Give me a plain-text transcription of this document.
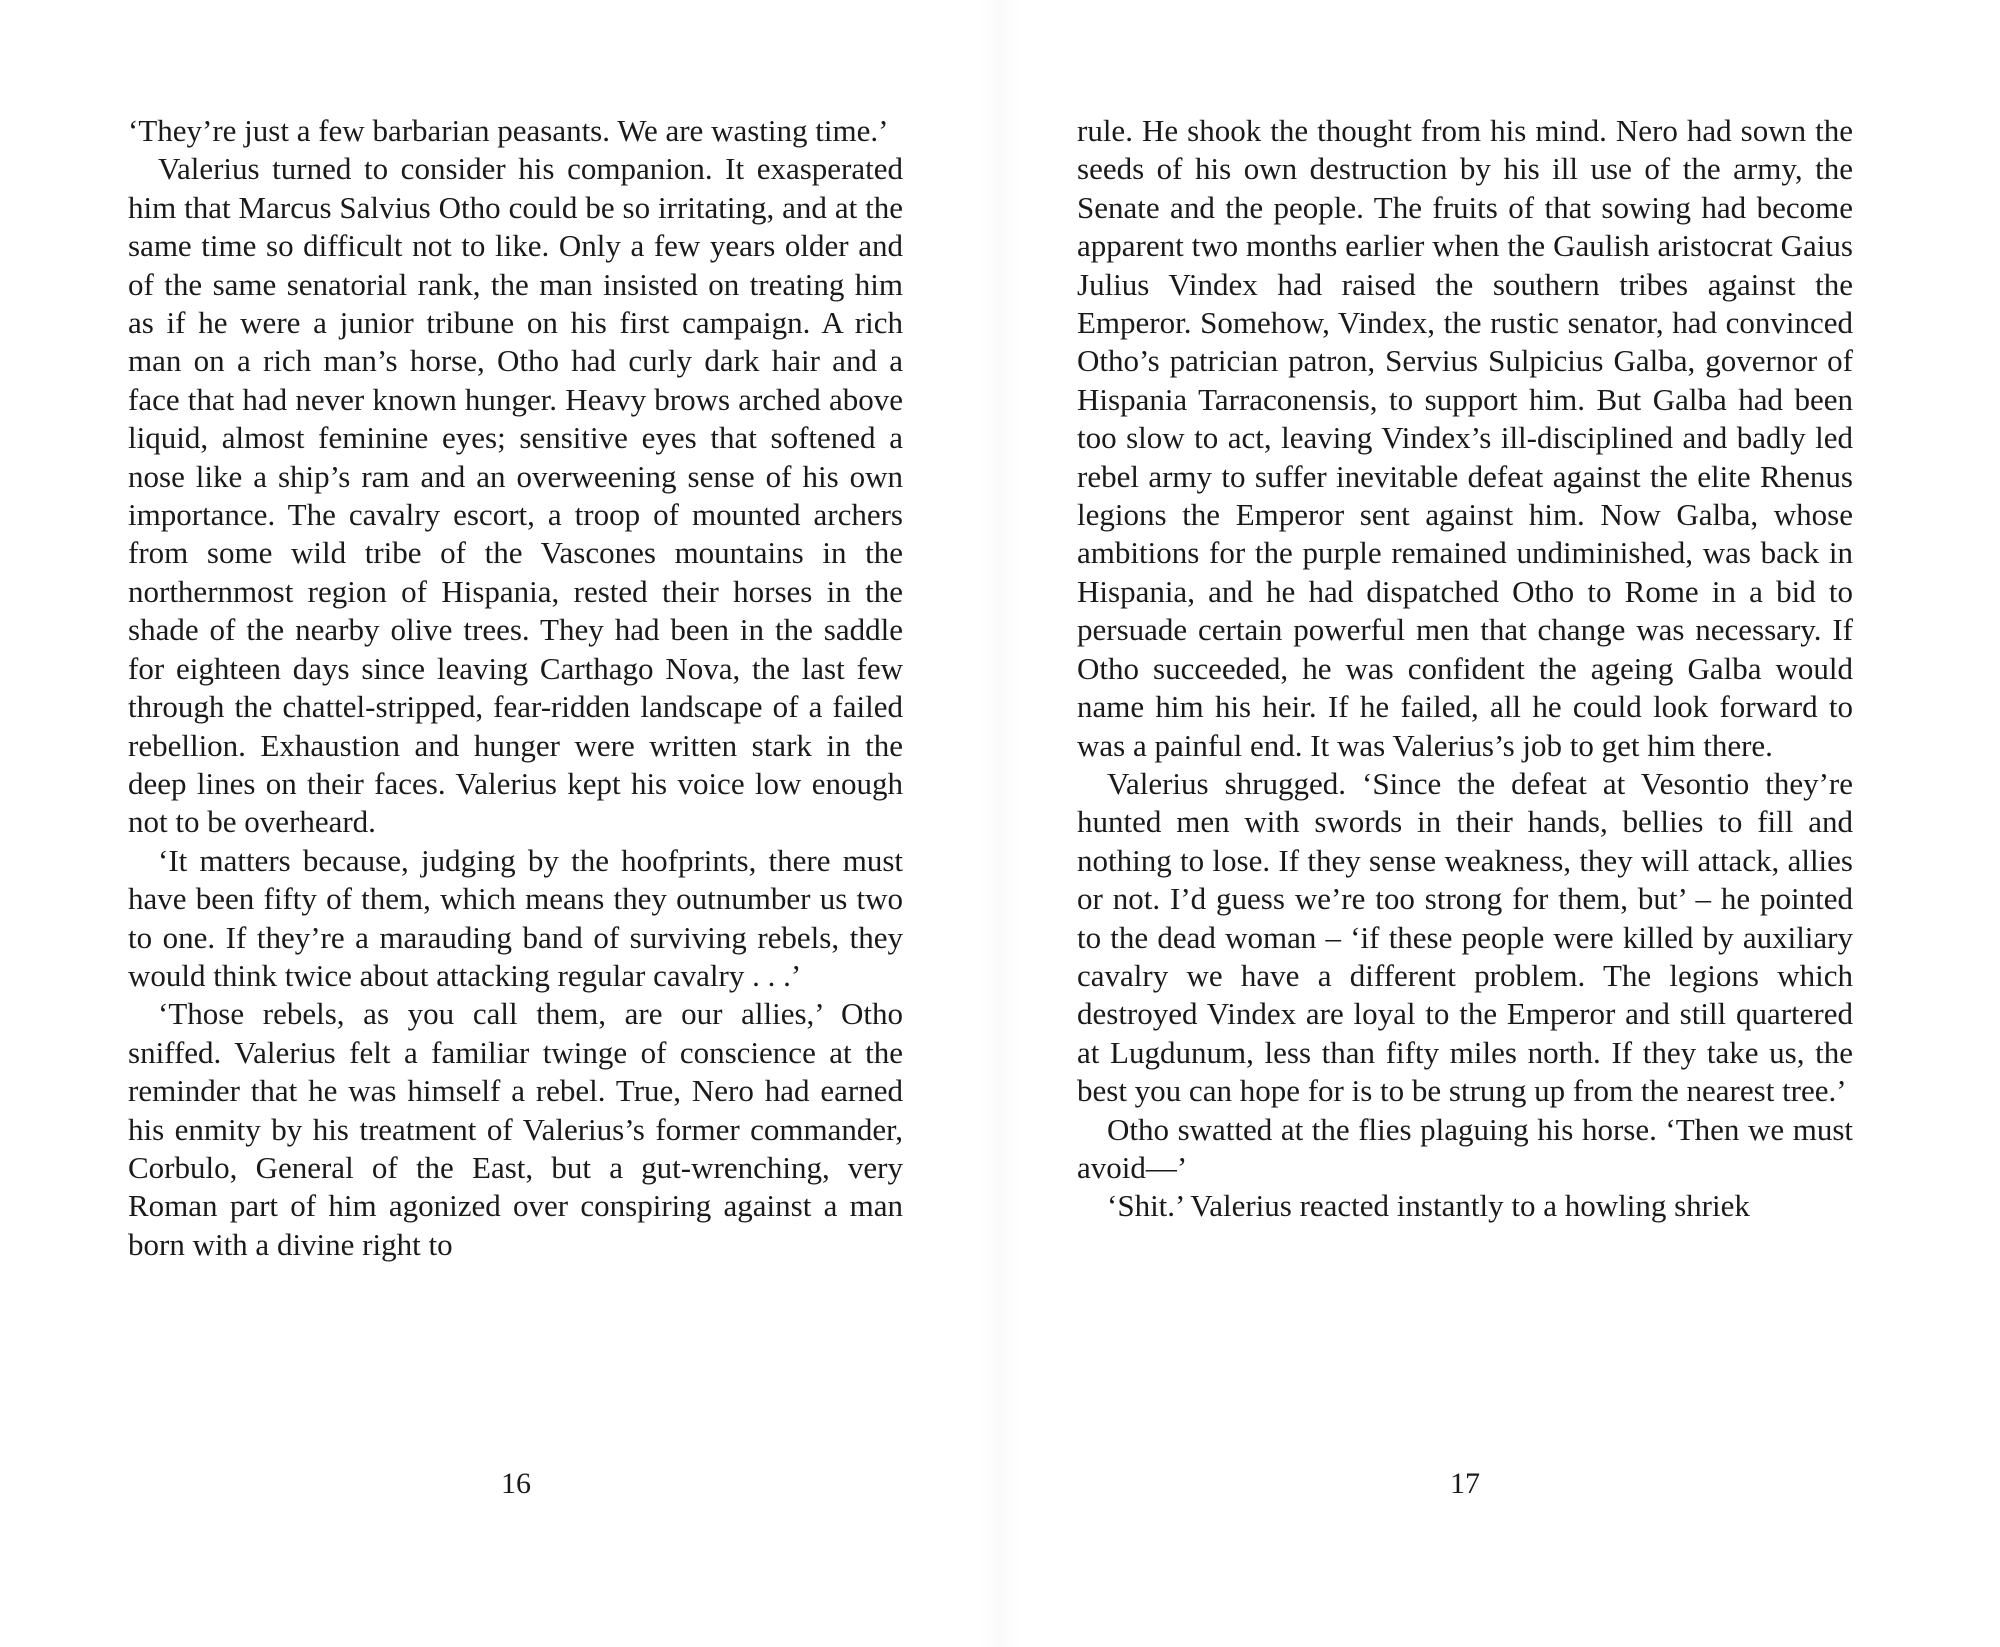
‘They’re just a few barbarian peasants. We are wasting time.’

Valerius turned to consider his companion. It exasperated him that Marcus Salvius Otho could be so irritating, and at the same time so difficult not to like. Only a few years older and of the same senatorial rank, the man insisted on treating him as if he were a junior tribune on his first campaign. A rich man on a rich man’s horse, Otho had curly dark hair and a face that had never known hunger. Heavy brows arched above liquid, almost feminine eyes; sensitive eyes that softened a nose like a ship’s ram and an overweening sense of his own importance. The cavalry escort, a troop of mounted archers from some wild tribe of the Vascones mountains in the northernmost region of Hispania, rested their horses in the shade of the nearby olive trees. They had been in the saddle for eighteen days since leaving Carthago Nova, the last few through the chattel-stripped, fear-ridden landscape of a failed rebellion. Exhaustion and hunger were written stark in the deep lines on their faces. Valerius kept his voice low enough not to be overheard.

‘It matters because, judging by the hoofprints, there must have been fifty of them, which means they outnumber us two to one. If they’re a marauding band of surviving rebels, they would think twice about attacking regular cavalry . . .’

‘Those rebels, as you call them, are our allies,’ Otho sniffed. Valerius felt a familiar twinge of conscience at the reminder that he was himself a rebel. True, Nero had earned his enmity by his treatment of Valerius’s former commander, Corbulo, General of the East, but a gut-wrenching, very Roman part of him agonized over conspiring against a man born with a divine right to

rule. He shook the thought from his mind. Nero had sown the seeds of his own destruction by his ill use of the army, the Senate and the people. The fruits of that sowing had become apparent two months earlier when the Gaulish aristocrat Gaius Julius Vindex had raised the southern tribes against the Emperor. Somehow, Vindex, the rustic senator, had convinced Otho’s patrician patron, Servius Sulpicius Galba, governor of Hispania Tarraconensis, to support him. But Galba had been too slow to act, leaving Vindex’s ill-disciplined and badly led rebel army to suffer inevitable defeat against the elite Rhenus legions the Emperor sent against him. Now Galba, whose ambitions for the purple remained undiminished, was back in Hispania, and he had dispatched Otho to Rome in a bid to persuade certain powerful men that change was necessary. If Otho succeeded, he was confident the ageing Galba would name him his heir. If he failed, all he could look forward to was a painful end. It was Valerius’s job to get him there.

Valerius shrugged. ‘Since the defeat at Vesontio they’re hunted men with swords in their hands, bellies to fill and nothing to lose. If they sense weakness, they will attack, allies or not. I’d guess we’re too strong for them, but’ – he pointed to the dead woman – ‘if these people were killed by auxiliary cavalry we have a different problem. The legions which destroyed Vindex are loyal to the Emperor and still quartered at Lugdunum, less than fifty miles north. If they take us, the best you can hope for is to be strung up from the nearest tree.’

Otho swatted at the flies plaguing his horse. ‘Then we must avoid—’

‘Shit.’ Valerius reacted instantly to a howling shriek

16	17
